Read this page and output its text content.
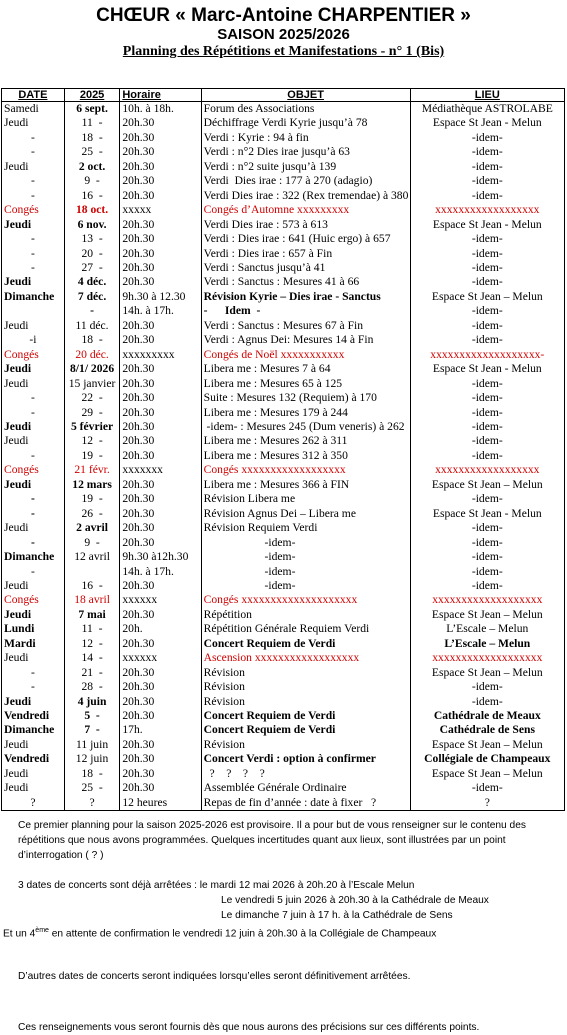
CHŒUR « Marc-Antoine CHARPENTIER »
SAISON 2025/2026
Planning des Répétitions et Manifestations - n° 1 (Bis)
DATE	2025	Horaire	OBJET	LIEU
Samedi	6 sept.	10h. à 18h.	Forum des Associations	Médiathèque ASTROLABE
Jeudi	11  -	20h.30	Déchiffrage Verdi Kyrie jusqu’à 78	Espace St Jean - Melun
-	18  -	20h.30	Verdi : Kyrie : 94 à fin	-idem-
-	25  -	20h.30	Verdi : n°2 Dies irae jusqu’à 63	-idem-
Jeudi	2 oct.	20h.30	Verdi : n°2 suite jusqu’à 139	-idem-
-	9  -	20h.30	Verdi  Dies irae : 177 à 270 (adagio)	-idem-
-	16  -	20h.30	Verdi Dies irae : 322 (Rex tremendae) à 380	-idem-
Congés	18 oct.	xxxxx	Congés d’Automne xxxxxxxxx	xxxxxxxxxxxxxxxxxx
Jeudi	6 nov.	20h.30	Verdi Dies irae : 573 à 613	Espace St Jean - Melun
-	13  -	20h.30	Verdi : Dies irae : 641 (Huic ergo) à 657	-idem-
-	20  -	20h.30	Verdi : Dies irae : 657 à Fin	-idem-
-	27  -	20h.30	Verdi : Sanctus jusqu’à 41	-idem-
Jeudi	4 déc.	20h.30	Verdi : Sanctus : Mesures 41 à 66	-idem-
Dimanche	7 déc.	9h.30 à 12.30	Révision Kyrie – Dies irae - Sanctus	Espace St Jean – Melun
	-	14h. à 17h.	-      Idem  -	-idem-
Jeudi	11 déc.	20h.30	Verdi : Sanctus : Mesures 67 à Fin	-idem-
-i	18  -	20h.30	Verdi : Agnus Dei: Mesures 14 à Fin	-idem-
Congés	20 déc.	xxxxxxxxx	Congés de Noël xxxxxxxxxxx	xxxxxxxxxxxxxxxxxxx-
Jeudi	8/1/ 2026	20h.30	Libera me : Mesures 7 à 64	Espace St Jean - Melun
Jeudi	15 janvier	20h.30	Libera me : Mesures 65 à 125	-idem-
-	22  -	20h.30	Suite : Mesures 132 (Requiem) à 170	-idem-
-	29  -	20h.30	Libera me : Mesures 179 à 244	-idem-
Jeudi	5 février	20h.30	-idem- : Mesures 245 (Dum veneris) à 262	-idem-
Jeudi	12  -	20h.30	Libera me : Mesures 262 à 311	-idem-
-	19  -	20h.30	Libera me : Mesures 312 à 350	-idem-
Congés	21 févr.	xxxxxxx	Congés xxxxxxxxxxxxxxxxxx	xxxxxxxxxxxxxxxxxx
Jeudi	12 mars	20h.30	Libera me : Mesures 366 à FIN	Espace St Jean – Melun
-	19  -	20h.30	Révision Libera me	-idem-
-	26  -	20h.30	Révision Agnus Dei – Libera me	Espace St Jean - Melun
Jeudi	2 avril	20h.30	Révision Requiem Verdi	-idem-
-	9  -	20h.30	-idem-	-idem-
Dimanche	12 avril	9h.30 à12h.30	-idem-	-idem-
-		14h. à 17h.	-idem-	-idem-
Jeudi	16  -	20h.30	-idem-	-idem-
Congés	18 avril	xxxxxx	Congés xxxxxxxxxxxxxxxxxxxx	xxxxxxxxxxxxxxxxxxx
Jeudi	7 mai	20h.30	Répétition	Espace St Jean – Melun
Lundi	11  -	20h.	Répétition Générale Requiem Verdi	L’Escale – Melun
Mardi	12  -	20h.30	Concert Requiem de Verdi	L’Escale – Melun
Jeudi	14  -	xxxxxx	Ascension xxxxxxxxxxxxxxxxxx	xxxxxxxxxxxxxxxxxxx
-	21  -	20h.30	Révision	Espace St Jean – Melun
-	28  -	20h.30	Révision	-idem-
Jeudi	4 juin	20h.30	Révision	-idem-
Vendredi	5  -	20h.30	Concert Requiem de Verdi	Cathédrale de Meaux
Dimanche	7  -	17h.	Concert Requiem de Verdi	Cathédrale de Sens
Jeudi	11 juin	20h.30	Révision	Espace St Jean – Melun
Vendredi	12 juin	20h.30	Concert Verdi : option à confirmer	Collégiale de Champeaux
Jeudi	18  -	20h.30	?    ?    ?    ?	Espace St Jean – Melun
Jeudi	25  -	20h.30	Assemblée Générale Ordinaire	-idem-
?	?	12 heures	Repas de fin d’année : date à fixer   ?	?

Ce premier planning pour la saison 2025-2026 est provisoire. Il a pour but de vous renseigner sur le contenu des répétitions que nous avons programmées. Quelques incertitudes quant aux lieux, sont illustrées par un point d’interrogation ( ? )

3 dates de concerts sont déjà arrêtées : le mardi 12 mai 2026 à 20h.20 à l’Escale Melun

Le vendredi 5 juin 2026 à 20h.30 à la Cathédrale de Meaux

Le dimanche 7 juin à 17 h. à la Cathédrale de Sens

Et un 4ème en attente de confirmation le vendredi 12 juin à 20h.30 à la Collégiale de Champeaux

D’autres dates de concerts seront indiquées lorsqu’elles seront définitivement arrêtées.

Ces renseignements vous seront fournis dès que nous aurons des précisions sur ces différents points.
